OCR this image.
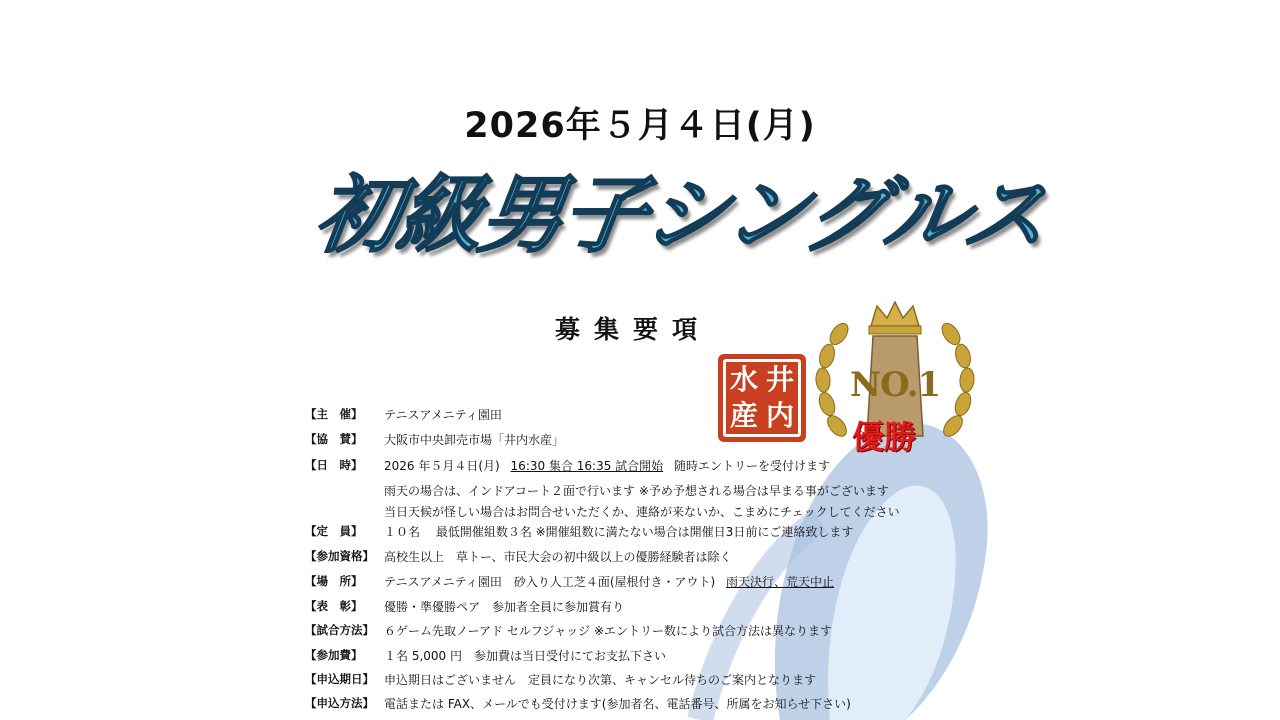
2026年５月４日(月)
初級男子シングルス
募集要項
水 井
産 内
NO.1
優勝
【主　催】 テニスアメニティ園田
【協　賛】 大阪市中央卸売市場「井内水産」
【日　時】 2026 年５月４日(月) 16:30 集合 16:35 試合開始 随時エントリーを受付けます
雨天の場合は、インドアコート２面で行います ※予め予想される場合は早まる事がございます
当日天候が怪しい場合はお問合せいただくか、連絡が来ないか、こまめにチェックしてください
【定　員】 １０名　 最低開催組数３名 ※開催組数に満たない場合は開催日3日前にご連絡致します
【参加資格】 高校生以上　草トー、市民大会の初中級以上の優勝経験者は除く
【場　所】 テニスアメニティ園田　砂入り人工芝４面(屋根付き・アウト) 雨天決行、荒天中止
【表　彰】 優勝・準優勝ペア　参加者全員に参加賞有り
【試合方法】 ６ゲーム先取ノーアド セルフジャッジ ※エントリー数により試合方法は異なります
【参加費】 １名 5,000 円　参加費は当日受付にてお支払下さい
【申込期日】 申込期日はございません　定員になり次第、キャンセル待ちのご案内となります
【申込方法】 電話または FAX、メールでも受付けます(参加者名、電話番号、所属をお知らせ下さい)
